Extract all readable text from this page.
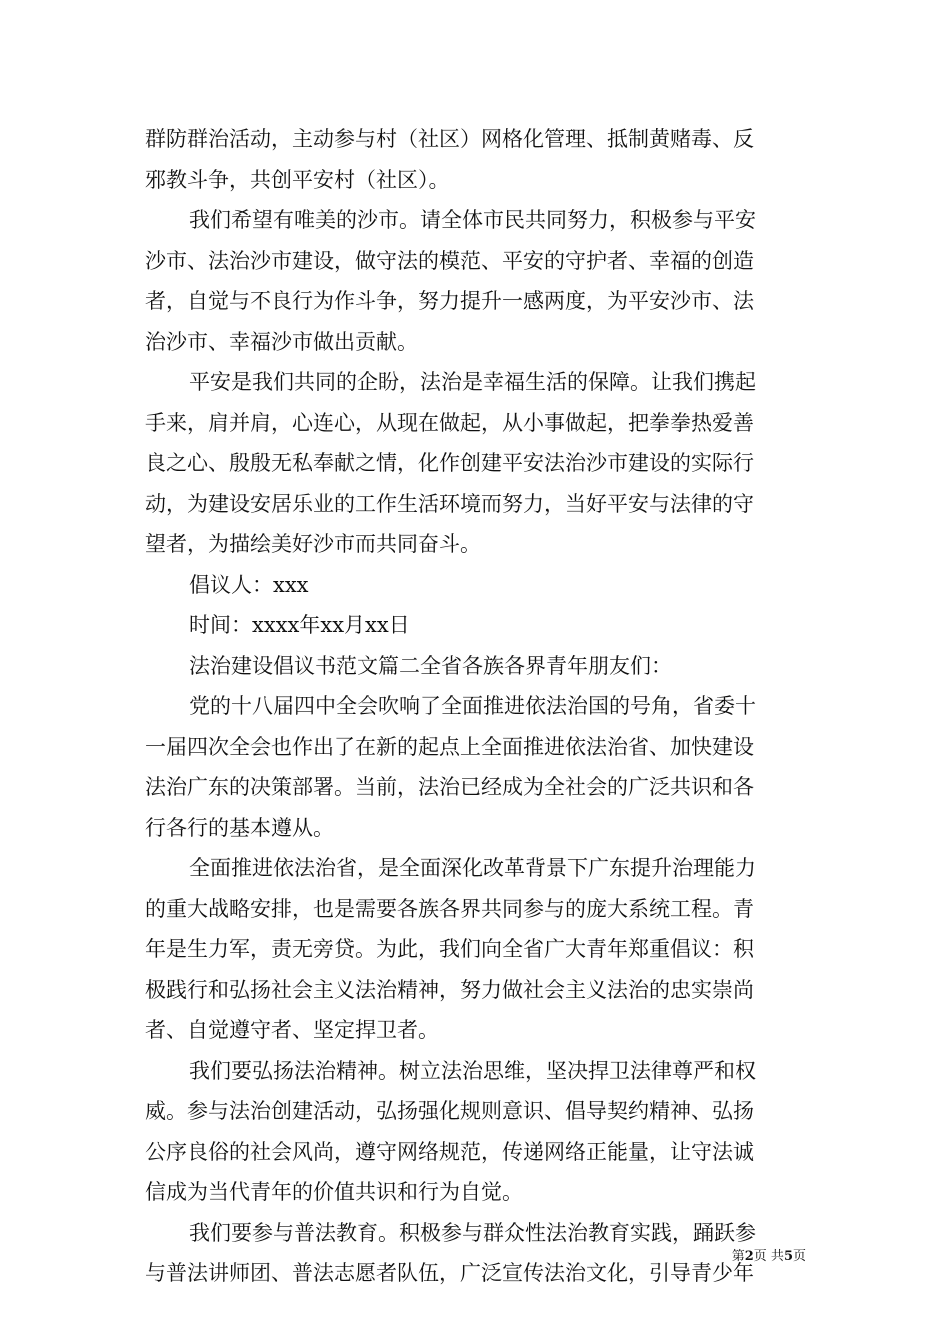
群防群治活动，主动参与村（社区）网格化管理、抵制黄赌毒、反
邪教斗争，共创平安村（社区）。
我们希望有唯美的沙市。请全体市民共同努力，积极参与平安
沙市、法治沙市建设，做守法的模范、平安的守护者、幸福的创造
者，自觉与不良行为作斗争，努力提升一感两度，为平安沙市、法
治沙市、幸福沙市做出贡献。
平安是我们共同的企盼，法治是幸福生活的保障。让我们携起
手来，肩并肩，心连心，从现在做起，从小事做起，把拳拳热爱善
良之心、殷殷无私奉献之情，化作创建平安法治沙市建设的实际行
动，为建设安居乐业的工作生活环境而努力，当好平安与法律的守
望者，为描绘美好沙市而共同奋斗。
倡议人：xxx
时间：xxxx年xx月xx日
法治建设倡议书范文篇二全省各族各界青年朋友们：
党的十八届四中全会吹响了全面推进依法治国的号角，省委十
一届四次全会也作出了在新的起点上全面推进依法治省、加快建设
法治广东的决策部署。当前，法治已经成为全社会的广泛共识和各
行各行的基本遵从。
全面推进依法治省，是全面深化改革背景下广东提升治理能力
的重大战略安排，也是需要各族各界共同参与的庞大系统工程。青
年是生力军，责无旁贷。为此，我们向全省广大青年郑重倡议：积
极践行和弘扬社会主义法治精神，努力做社会主义法治的忠实崇尚
者、自觉遵守者、坚定捍卫者。
我们要弘扬法治精神。树立法治思维，坚决捍卫法律尊严和权
威。参与法治创建活动，弘扬强化规则意识、倡导契约精神、弘扬
公序良俗的社会风尚，遵守网络规范，传递网络正能量，让守法诚
信成为当代青年的价值共识和行为自觉。
我们要参与普法教育。积极参与群众性法治教育实践，踊跃参
与普法讲师团、普法志愿者队伍，广泛宣传法治文化，引导青少年
第2页 共5页
